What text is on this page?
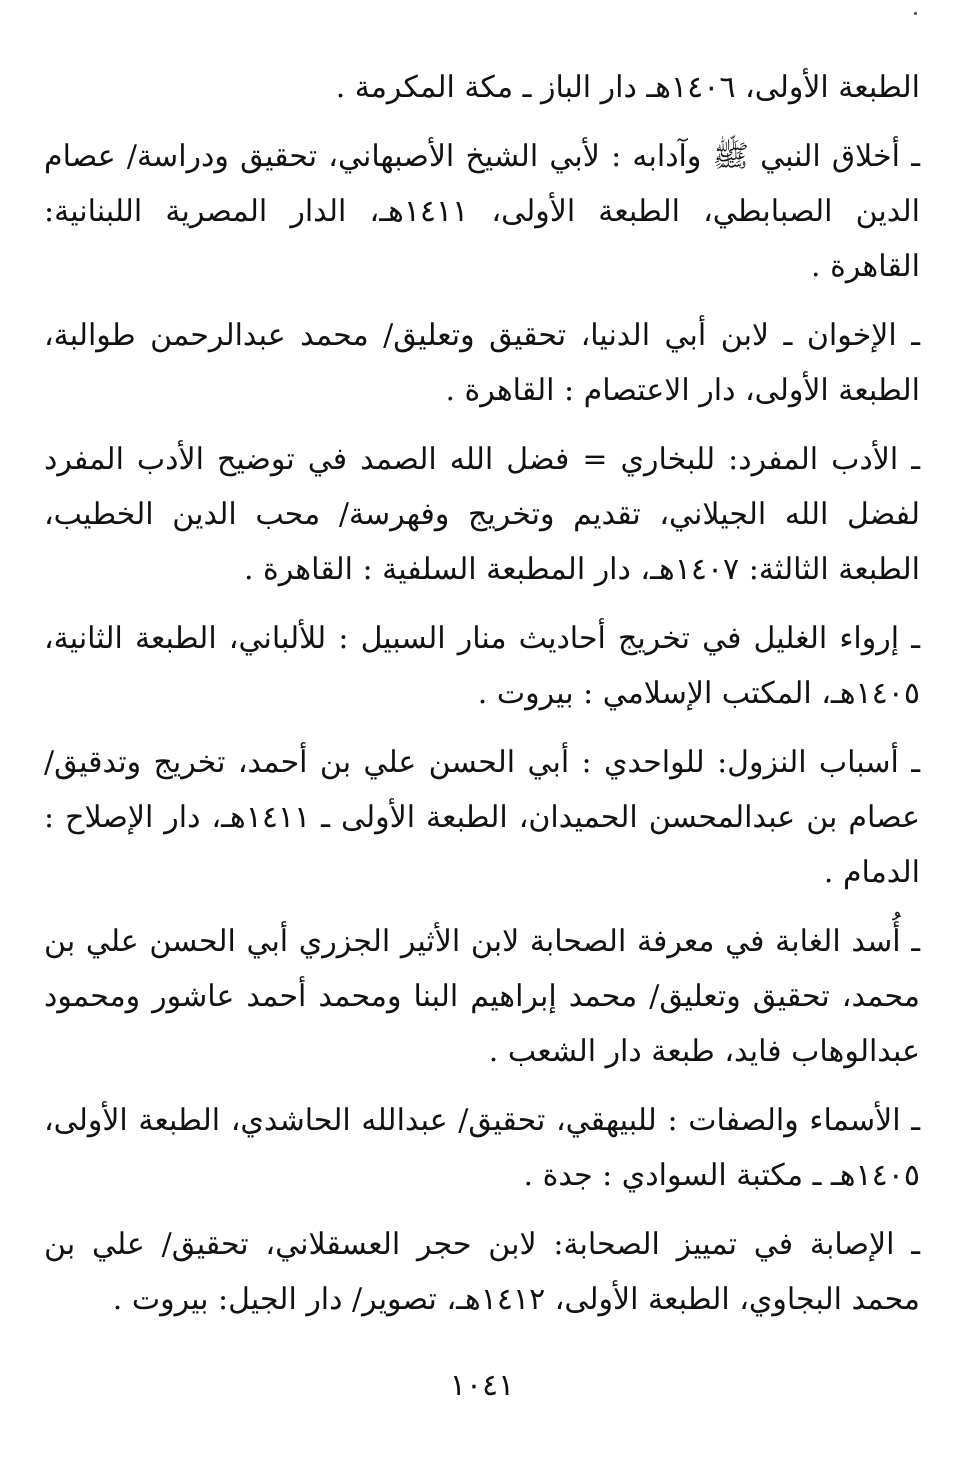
الطبعة الأولى، ١٤٠٦هـ دار الباز ـ مكة المكرمة .

ـ أخلاق النبي ﷺ وآدابه : لأبي الشيخ الأصبهاني، تحقيق ودراسة/ عصام الدين الصبابطي، الطبعة الأولى، ١٤١١هـ، الدار المصرية اللبنانية: القاهرة .

ـ الإخوان ـ لابن أبي الدنيا، تحقيق وتعليق/ محمد عبدالرحمن طوالبة، الطبعة الأولى، دار الاعتصام : القاهرة .

ـ الأدب المفرد: للبخاري = فضل الله الصمد في توضيح الأدب المفرد لفضل الله الجيلاني، تقديم وتخريج وفهرسة/ محب الدين الخطيب، الطبعة الثالثة: ١٤٠٧هـ، دار المطبعة السلفية : القاهرة .

ـ إرواء الغليل في تخريج أحاديث منار السبيل : للألباني، الطبعة الثانية، ١٤٠٥هـ، المكتب الإسلامي : بيروت .

ـ أسباب النزول: للواحدي : أبي الحسن علي بن أحمد، تخريج وتدقيق/ عصام بن عبدالمحسن الحميدان، الطبعة الأولى ـ ١٤١١هـ، دار الإصلاح : الدمام .

ـ أُسد الغابة في معرفة الصحابة لابن الأثير الجزري أبي الحسن علي بن محمد، تحقيق وتعليق/ محمد إبراهيم البنا ومحمد أحمد عاشور ومحمود عبدالوهاب فايد، طبعة دار الشعب .

ـ الأسماء والصفات : للبيهقي، تحقيق/ عبدالله الحاشدي، الطبعة الأولى، ١٤٠٥هـ ـ مكتبة السوادي : جدة .

ـ الإصابة في تمييز الصحابة: لابن حجر العسقلاني، تحقيق/ علي بن محمد البجاوي، الطبعة الأولى، ١٤١٢هـ، تصوير/ دار الجيل: بيروت .

١٠٤١
